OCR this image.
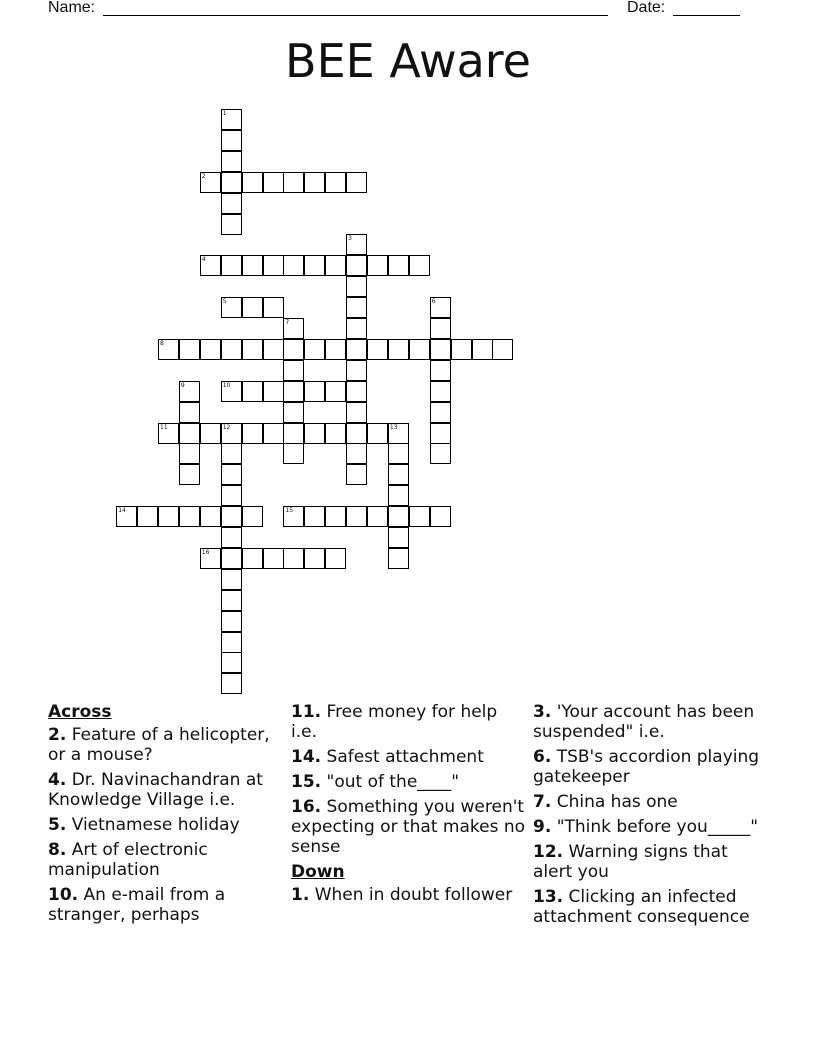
Name:	Date:
BEE Aware
1
2
3
4
5	6
7
8
9	10
11	12	13
14	15
16
Across
2. Feature of a helicopter, or a mouse?
4. Dr. Navinachandran at Knowledge Village i.e.
5. Vietnamese holiday
8. Art of electronic manipulation
10. An e-mail from a stranger, perhaps
11. Free money for help i.e.
14. Safest attachment
15. "out of the____"
16. Something you weren't expecting or that makes no sense
Down
1. When in doubt follower
3. 'Your account has been suspended" i.e.
6. TSB's accordion playing gatekeeper
7. China has one
9. "Think before you_____"
12. Warning signs that alert you
13. Clicking an infected attachment consequence
